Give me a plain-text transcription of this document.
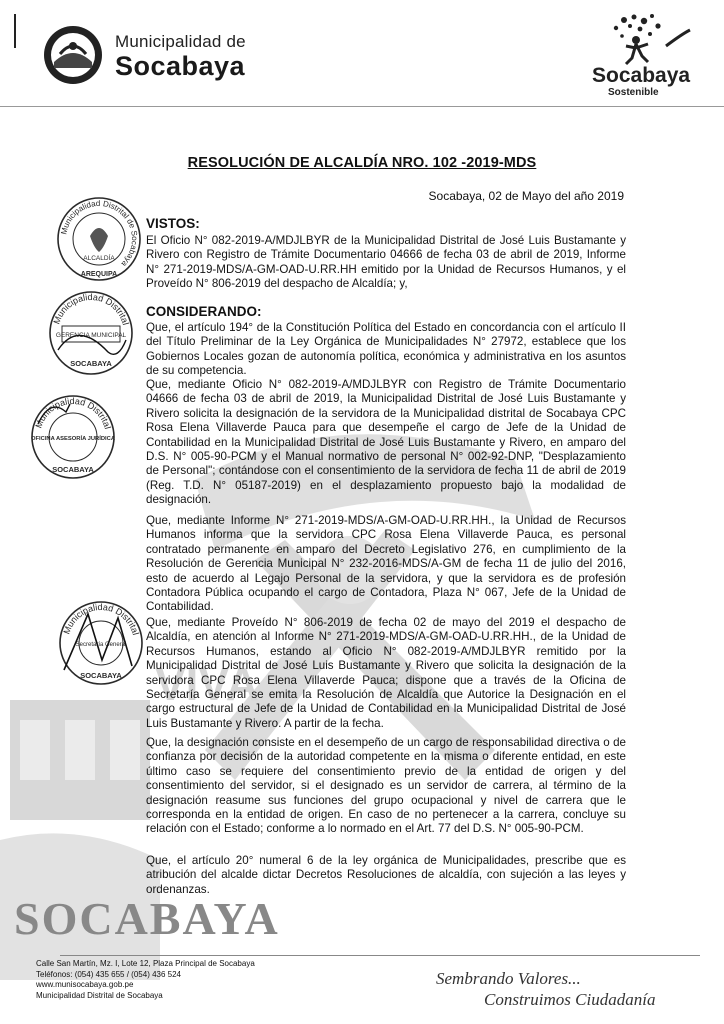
Municipalidad de
Socabaya	Socabaya
Sostenible
VIVA
SOCABAYA
RESOLUCIÓN DE ALCALDÍA NRO. 102 -2019-MDS
Socabaya, 02 de Mayo del año 2019
Municipalidad Distrital de Socabaya
ALCALDÍA
AREQUIPA
Municipalidad Distrital
GERENCIA MUNICIPAL
SOCABAYA
Municipalidad Distrital
OFICINA ASESORÍA JURÍDICA
SOCABAYA
Municipalidad Distrital
Secretaría General
SOCABAYA
VISTOS:
El Oficio N° 082-2019-A/MDJLBYR de la Municipalidad Distrital de José Luis Bustamante y Rivero con Registro de Trámite Documentario 04666 de fecha 03 de abril de 2019, Informe N° 271-2019-MDS/A-GM-OAD-U.RR.HH emitido por la Unidad de Recursos Humanos, y el Proveído N° 806-2019 del despacho de Alcaldía; y,
CONSIDERANDO:
Que, el artículo 194° de la Constitución Política del Estado en concordancia con el artículo II del Título Preliminar de la Ley Orgánica de Municipalidades N° 27972, establece que los Gobiernos Locales gozan de autonomía política, económica y administrativa en los asuntos de su competencia.
Que, mediante Oficio N° 082-2019-A/MDJLBYR con Registro de Trámite Documentario 04666 de fecha 03 de abril de 2019, la Municipalidad Distrital de José Luis Bustamante y Rivero solicita la designación de la servidora de la Municipalidad distrital de Socabaya CPC Rosa Elena Villaverde Pauca para que desempeñe el cargo de Jefe de la Unidad de Contabilidad en la Municipalidad Distrital de José Luis Bustamante y Rivero, en amparo del D.S. N° 005-90-PCM y el Manual normativo de personal N° 002-92-DNP, "Desplazamiento de Personal"; contándose con el consentimiento de la servidora de fecha 11 de abril de 2019 (Reg. T.D. N° 05187-2019) en el desplazamiento propuesto bajo la modalidad de designación.
Que, mediante Informe N° 271-2019-MDS/A-GM-OAD-U.RR.HH., la Unidad de Recursos Humanos informa que la servidora CPC Rosa Elena Villaverde Pauca, es personal contratado permanente en amparo del Decreto Legislativo 276, en cumplimiento de la Resolución de Gerencia Municipal N° 232-2016-MDS/A-GM de fecha 11 de julio del 2016, esto de acuerdo al Legajo Personal de la servidora, y que la servidora es de profesión Contadora Pública ocupando el cargo de Contadora, Plaza N° 067, Jefe de la Unidad de Contabilidad.
Que, mediante Proveído N° 806-2019 de fecha 02 de mayo del 2019 el despacho de Alcaldía, en atención al Informe N° 271-2019-MDS/A-GM-OAD-U.RR.HH., de la Unidad de Recursos Humanos, estando al Oficio N° 082-2019-A/MDJLBYR remitido por la Municipalidad Distrital de José Luis Bustamante y Rivero que solicita la designación de la servidora CPC Rosa Elena Villaverde Pauca; dispone que a través de la Oficina de Secretaría General se emita la Resolución de Alcaldía que Autorice la Designación en el cargo estructural de Jefe de la Unidad de Contabilidad en la Municipalidad Distrital de José Luis Bustamante y Rivero. A partir de la fecha.
Que, la designación consiste en el desempeño de un cargo de responsabilidad directiva o de confianza por decisión de la autoridad competente en la misma o diferente entidad, en este último caso se requiere del consentimiento previo de la entidad de origen y del consentimiento del servidor, si el designado es un servidor de carrera, al término de la designación reasume sus funciones del grupo ocupacional y nivel de carrera que le corresponda en la entidad de origen. En caso de no pertenecer a la carrera, concluye su relación con el Estado; conforme a lo normado en el Art. 77 del D.S. N° 005-90-PCM.
Que, el artículo 20° numeral 6 de la ley orgánica de Municipalidades, prescribe que es atribución del alcalde dictar Decretos Resoluciones de alcaldía, con sujeción a las leyes y ordenanzas.
Calle San Martín, Mz. I, Lote 12, Plaza Principal de Socabaya
Teléfonos: (054) 435 655 / (054) 436 524
www.munisocabaya.gob.pe
Municipalidad Distrital de Socabaya
Sembrando Valores...
Construimos Ciudadanía
